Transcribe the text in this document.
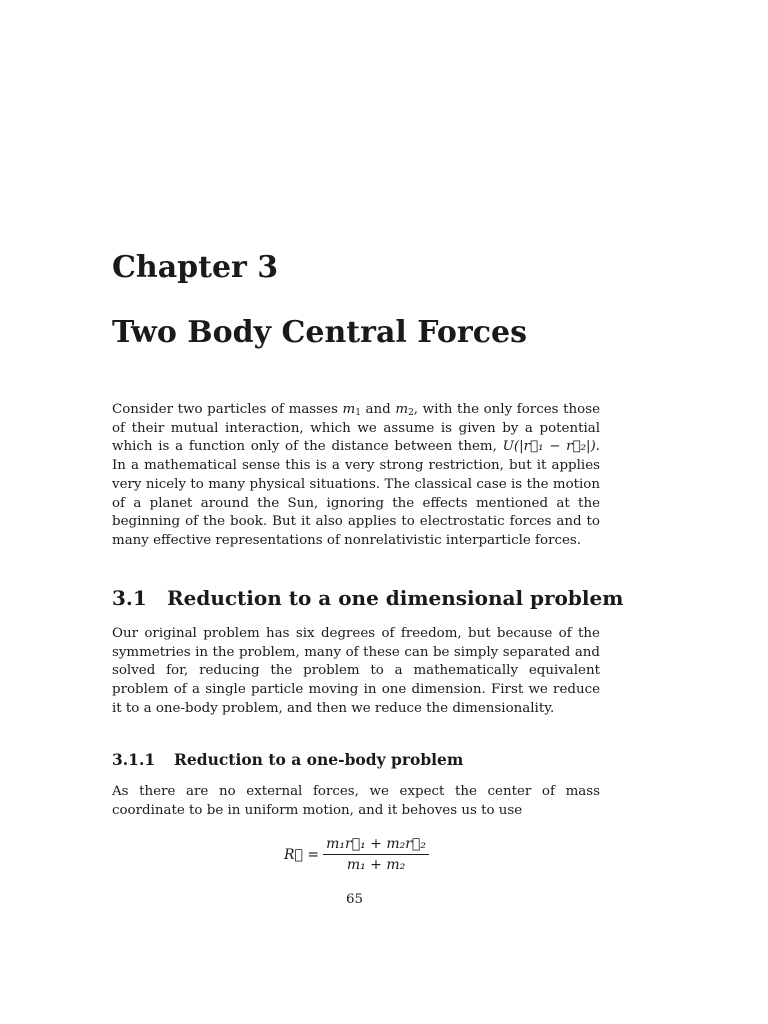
Chapter 3
Two Body Central Forces

Consider two particles of masses $m_1$ and $m_2$, with the only forces those of their mutual interaction, which we assume is given by a potential which is a function only of the distance between them, U(|r⃗₁ − r⃗₂|). In a mathematical sense this is a very strong restriction, but it applies very nicely to many physical situations. The classical case is the motion of a planet around the Sun, ignoring the effects mentioned at the beginning of the book. But it also applies to electrostatic forces and to many effective representations of nonrelativistic interparticle forces.

3.1 Reduction to a one dimensional problem

Our original problem has six degrees of freedom, but because of the symmetries in the problem, many of these can be simply separated and solved for, reducing the problem to a mathematically equivalent problem of a single particle moving in one dimension. First we reduce it to a one-body problem, and then we reduce the dimensionality.

3.1.1 Reduction to a one-body problem

As there are no external forces, we expect the center of mass coordinate to be in uniform motion, and it behoves us to use

R⃗ = $\frac{\text{m₁r⃗₁ + m₂r⃗₂}}{\text{m₁ + m₂}}$
65
